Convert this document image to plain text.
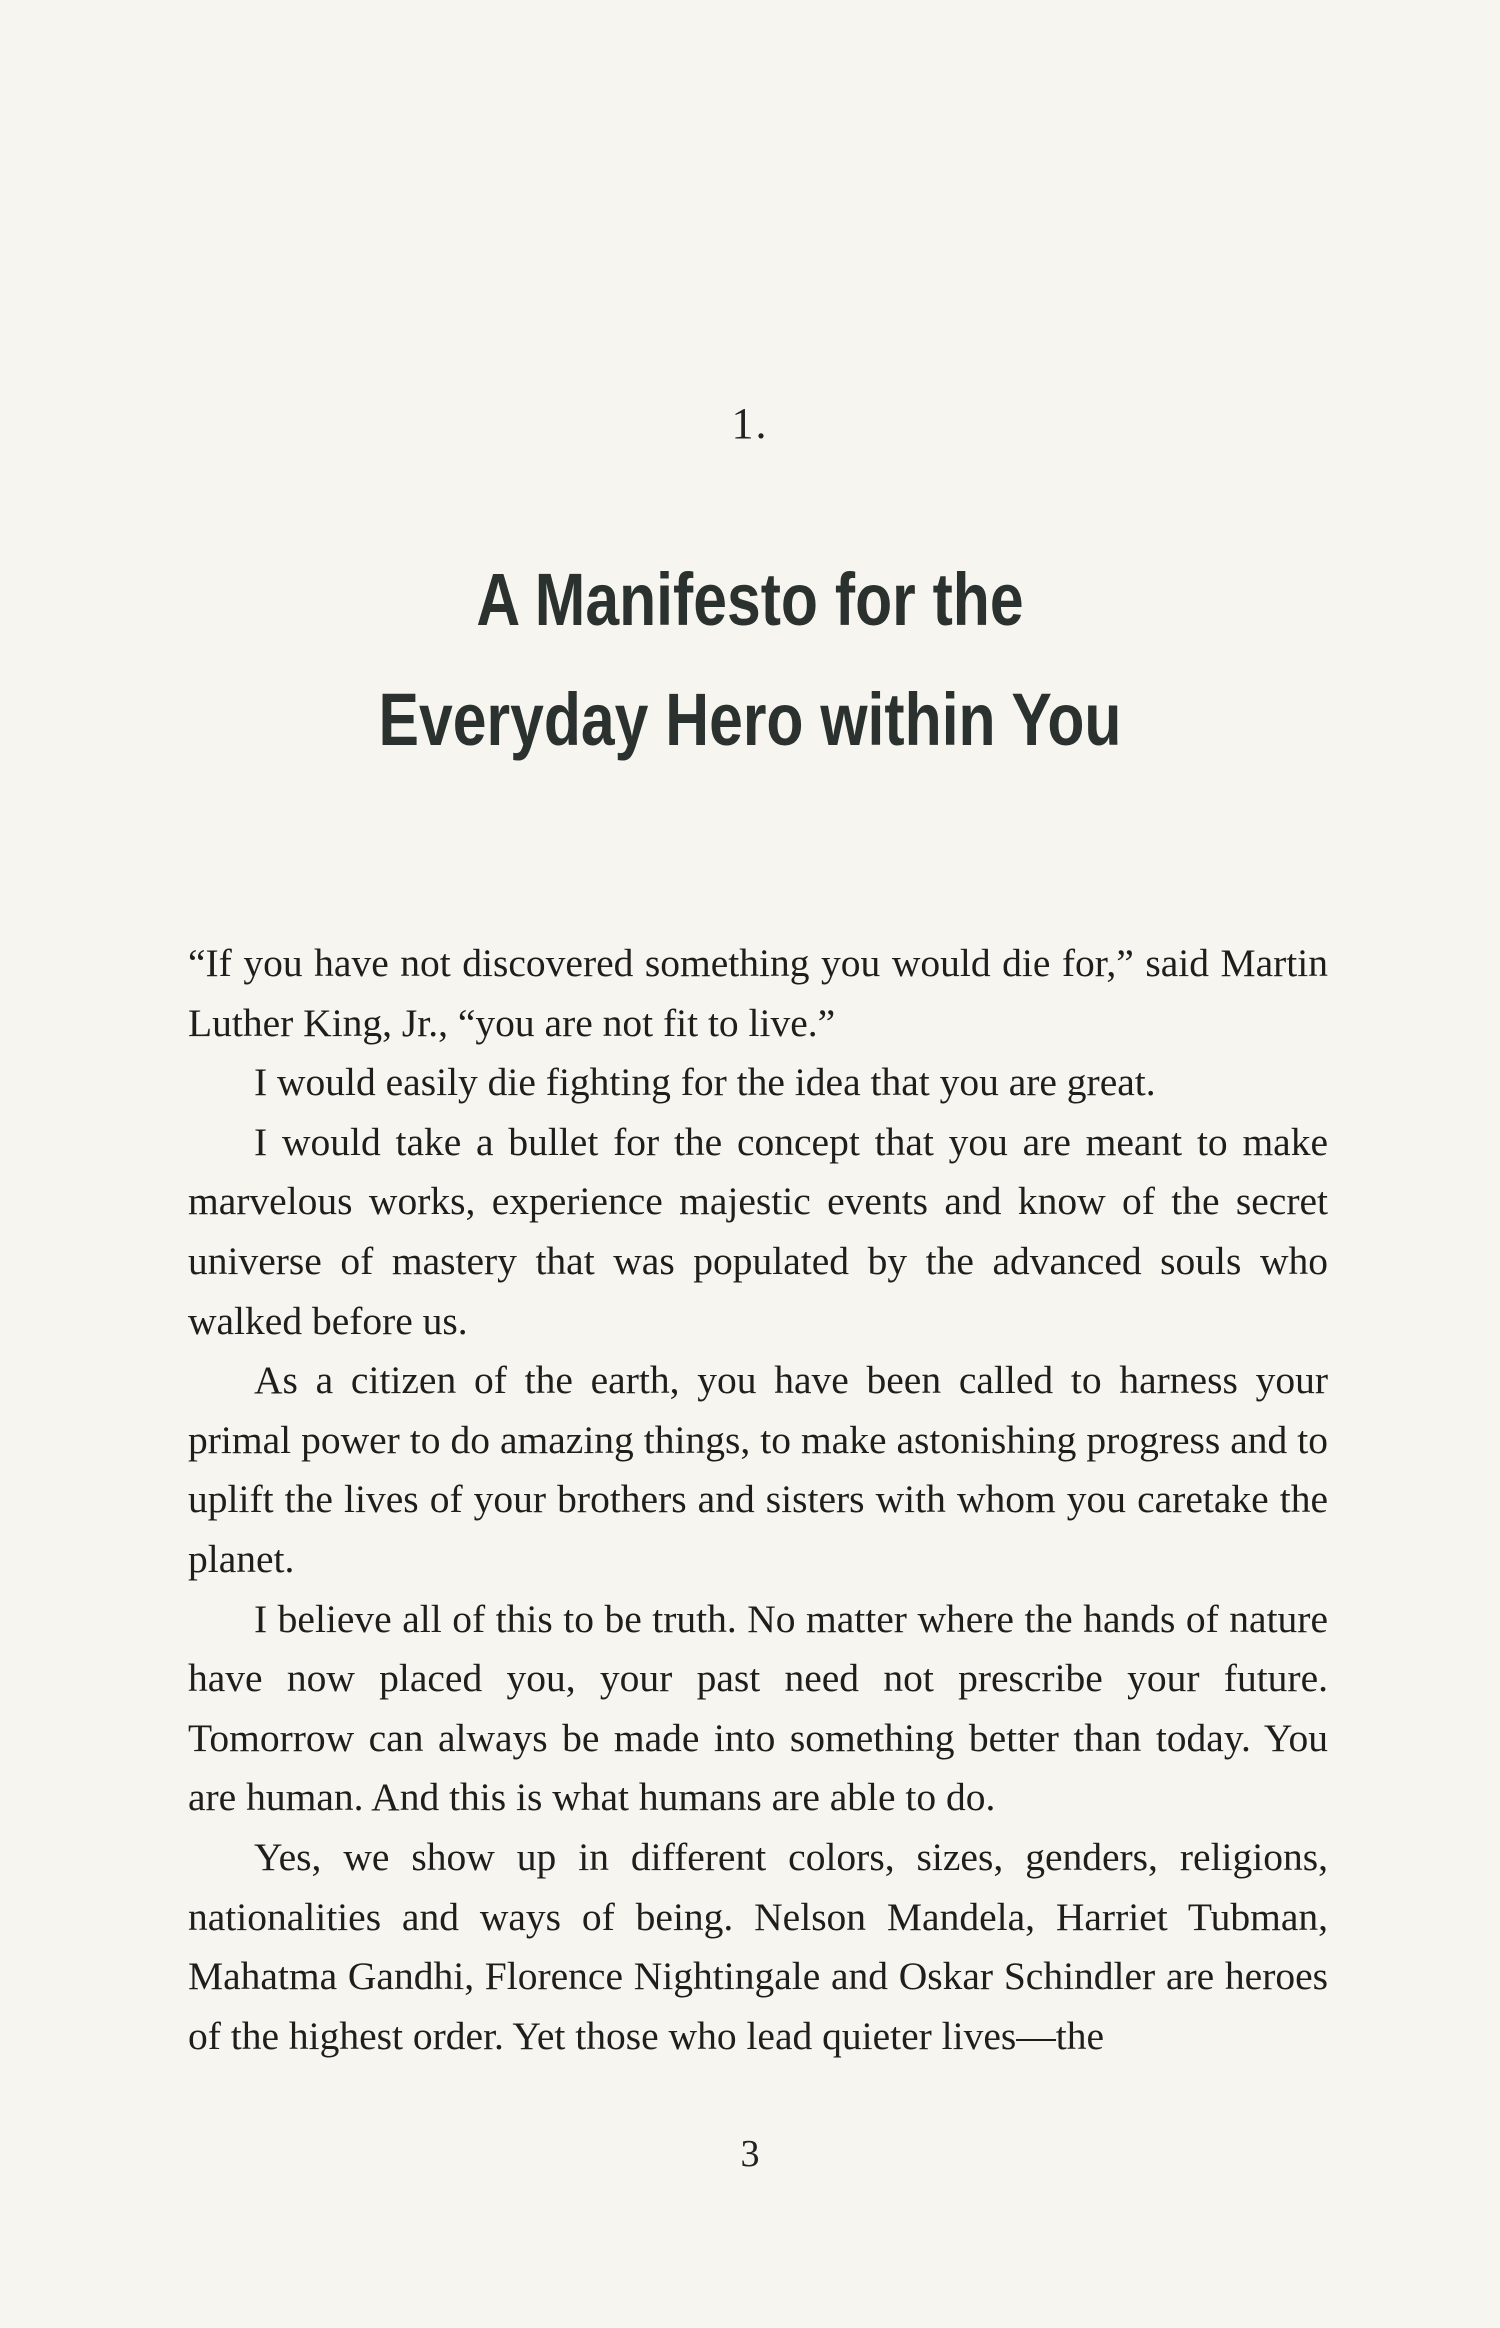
1.
A Manifesto for the
Everyday Hero within You

“If you have not discovered something you would die for,” said Martin Luther King, Jr., “you are not fit to live.”

I would easily die fighting for the idea that you are great.

I would take a bullet for the concept that you are meant to make marvelous works, experience majestic events and know of the secret universe of mastery that was populated by the advanced souls who walked before us.

As a citizen of the earth, you have been called to harness your primal power to do amazing things, to make astonishing progress and to uplift the lives of your brothers and sisters with whom you caretake the planet.

I believe all of this to be truth. No matter where the hands of nature have now placed you, your past need not prescribe your future. Tomorrow can always be made into something better than today. You are human. And this is what humans are able to do.

Yes, we show up in different colors, sizes, genders, religions, nationalities and ways of being. Nelson Mandela, Harriet Tubman, Mahatma Gandhi, Florence Nightingale and Oskar Schindler are heroes of the highest order. Yet those who lead quieter lives—the

3
